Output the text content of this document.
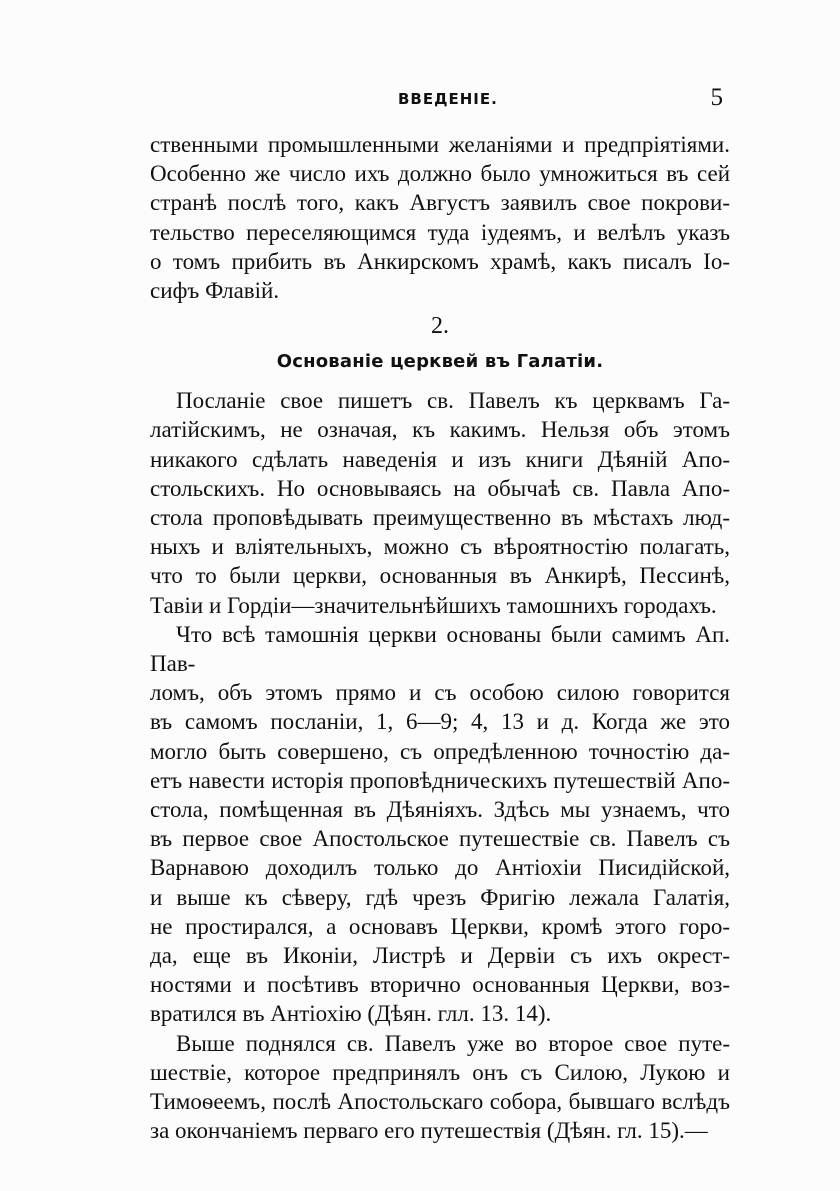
ВВЕДЕНІЕ.	5

ственными промышленными желаніями и предпріятіями.

Особенно же число ихъ должно было умножиться въ сей

странѣ послѣ того, какъ Августъ заявилъ свое покрови-

тельство переселяющимся туда іудеямъ, и велѣлъ указъ

о томъ прибить въ Анкирскомъ храмѣ, какъ писалъ Іо-

сифъ Флавій.

2.
Основаніе церквей въ Галатіи.

Посланіе свое пишетъ св. Павелъ къ церквамъ Га-

латійскимъ, не означая, къ какимъ. Нельзя объ этомъ

никакого сдѣлать наведенія и изъ книги Дѣяній Апо-

стольскихъ. Но основываясь на обычаѣ св. Павла Апо-

стола проповѣдывать преимущественно въ мѣстахъ люд-

ныхъ и вліятельныхъ, можно съ вѣроятностію полагать,

что то были церкви, основанныя въ Анкирѣ, Пессинѣ,

Тавіи и Гордіи—значительнѣйшихъ тамошнихъ городахъ.

Что всѣ тамошнія церкви основаны были самимъ Ап. Пав-

ломъ, объ этомъ прямо и съ особою силою говорится

въ самомъ посланіи, 1, 6—9; 4, 13 и д. Когда же это

могло быть совершено, съ опредѣленною точностію да-

етъ навести исторія проповѣдническихъ путешествій Апо-

стола, помѣщенная въ Дѣяніяхъ. Здѣсь мы узнаемъ, что

въ первое свое Апостольское путешествіе св. Павелъ съ

Варнавою доходилъ только до Антіохіи Писидійской,

и выше къ сѣверу, гдѣ чрезъ Фригію лежала Галатія,

не простирался, а основавъ Церкви, кромѣ этого горо-

да, еще въ Иконіи, Листрѣ и Дервіи съ ихъ окрест-

ностями и посѣтивъ вторично основанныя Церкви, воз-

вратился въ Антіохію (Дѣян. глл. 13. 14).

Выше поднялся св. Павелъ уже во второе свое путе-

шествіе, которое предпринялъ онъ съ Силою, Лукою и

Тимоѳеемъ, послѣ Апостольскаго собора, бывшаго вслѣдъ

за окончаніемъ перваго его путешествія (Дѣян. гл. 15).—
